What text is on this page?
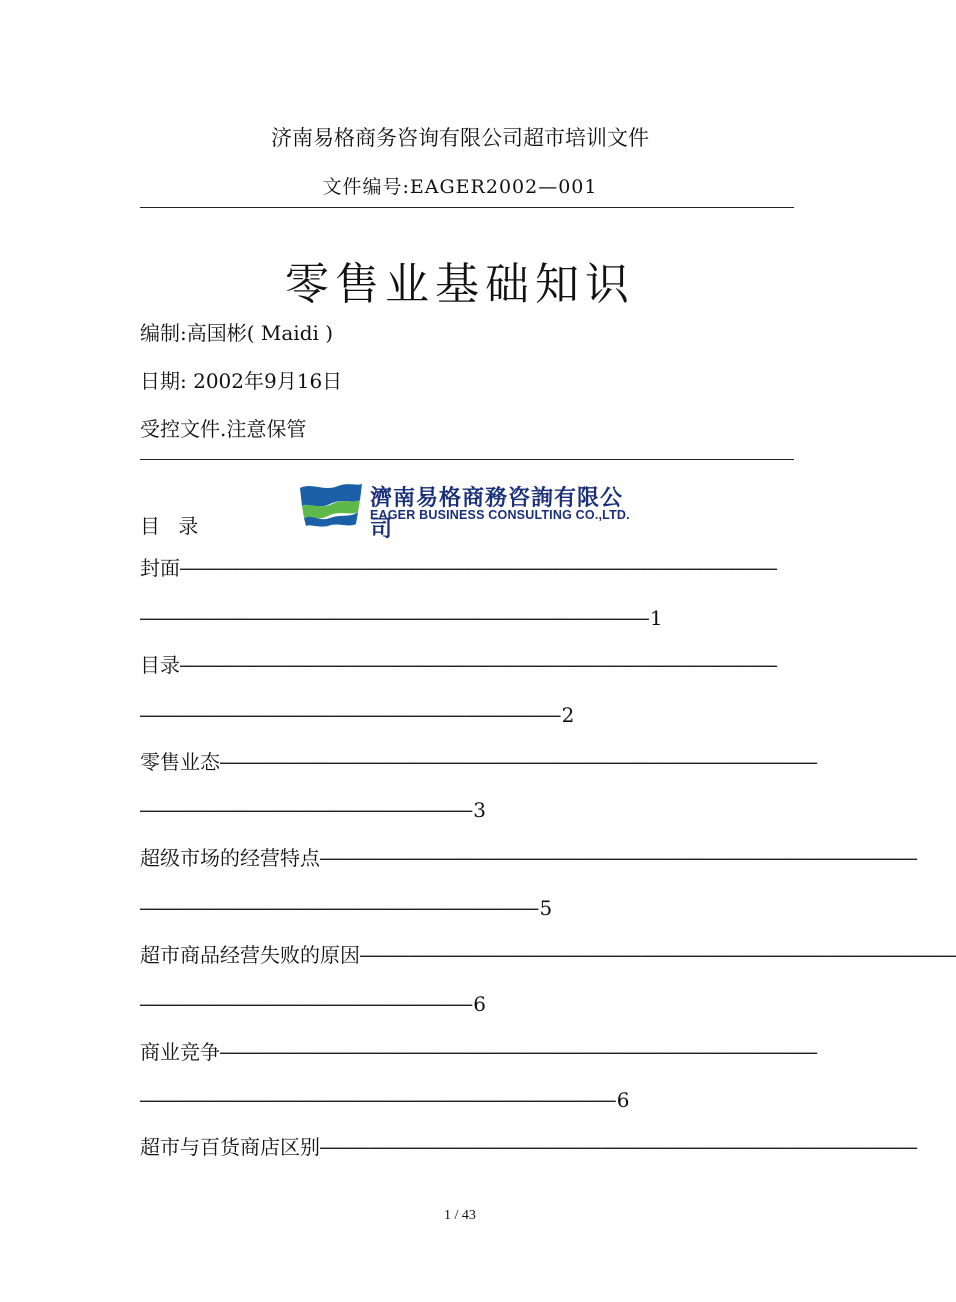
济南易格商务咨询有限公司超市培训文件
文件编号:EAGER2002—001
零售业基础知识
编制:高国彬( Maidi )
日期: 2002年9月16日
受控文件.注意保管
濟南易格商務咨詢有限公司
EAGER BUSINESS CONSULTING CO.,LTD.
目 录
封面 ——————————————————————————————————————————————————————
—————————————————————————————————————————————— 1
目录 ——————————————————————————————————————————————————————
—————————————————————————————————————— 2
零售业态 ——————————————————————————————————————————————————————
—————————————————————————————— 3
超级市场的经营特点 ——————————————————————————————————————————————————————
———————————————————————————————————— 5
超市商品经营失败的原因 ——————————————————————————————————————————————————————
—————————————————————————————— 6
商业竞争 ——————————————————————————————————————————————————————
——————————————————————————————————————————— 6
超市与百货商店区别 ——————————————————————————————————————————————————————
1 / 43
